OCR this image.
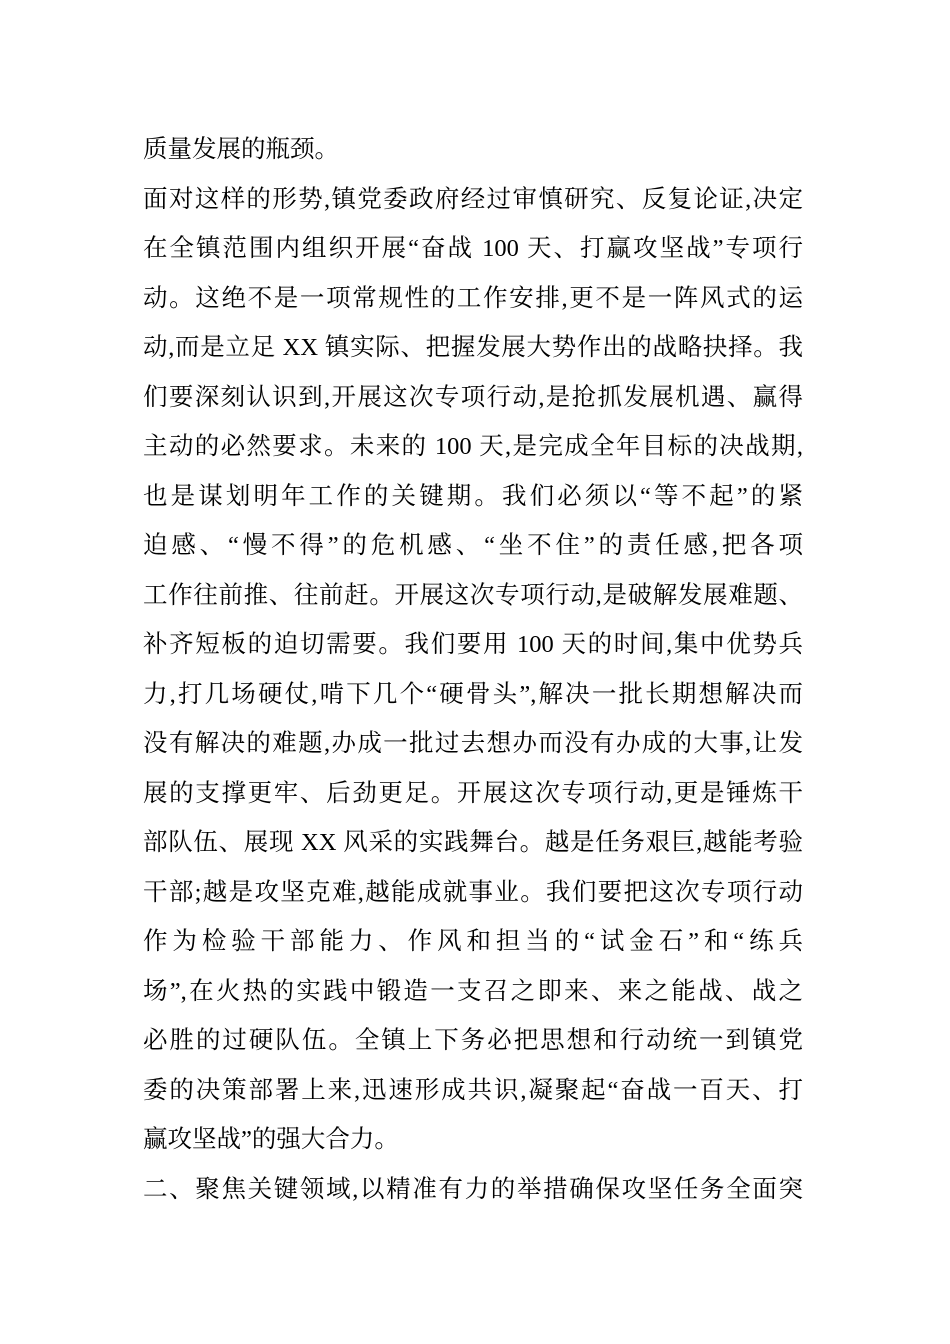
质量发展的瓶颈。
面对这样的形势,镇党委政府经过审慎研究、反复论证,决定
在全镇范围内组织开展“奋战 100 天、打赢攻坚战”专项行
动。这绝不是一项常规性的工作安排,更不是一阵风式的运
动,而是立足 XX 镇实际、把握发展大势作出的战略抉择。我
们要深刻认识到,开展这次专项行动,是抢抓发展机遇、赢得
主动的必然要求。未来的 100 天,是完成全年目标的决战期,
也是谋划明年工作的关键期。我们必须以“等不起”的紧
迫感、“慢不得”的危机感、“坐不住”的责任感,把各项
工作往前推、往前赶。开展这次专项行动,是破解发展难题、
补齐短板的迫切需要。我们要用 100 天的时间,集中优势兵
力,打几场硬仗,啃下几个“硬骨头”,解决一批长期想解决而
没有解决的难题,办成一批过去想办而没有办成的大事,让发
展的支撑更牢、后劲更足。开展这次专项行动,更是锤炼干
部队伍、展现 XX 风采的实践舞台。越是任务艰巨,越能考验
干部;越是攻坚克难,越能成就事业。我们要把这次专项行动
作为检验干部能力、作风和担当的“试金石”和“练兵
场”,在火热的实践中锻造一支召之即来、来之能战、战之
必胜的过硬队伍。全镇上下务必把思想和行动统一到镇党
委的决策部署上来,迅速形成共识,凝聚起“奋战一百天、打
赢攻坚战”的强大合力。
二、聚焦关键领域,以精准有力的举措确保攻坚任务全面突
